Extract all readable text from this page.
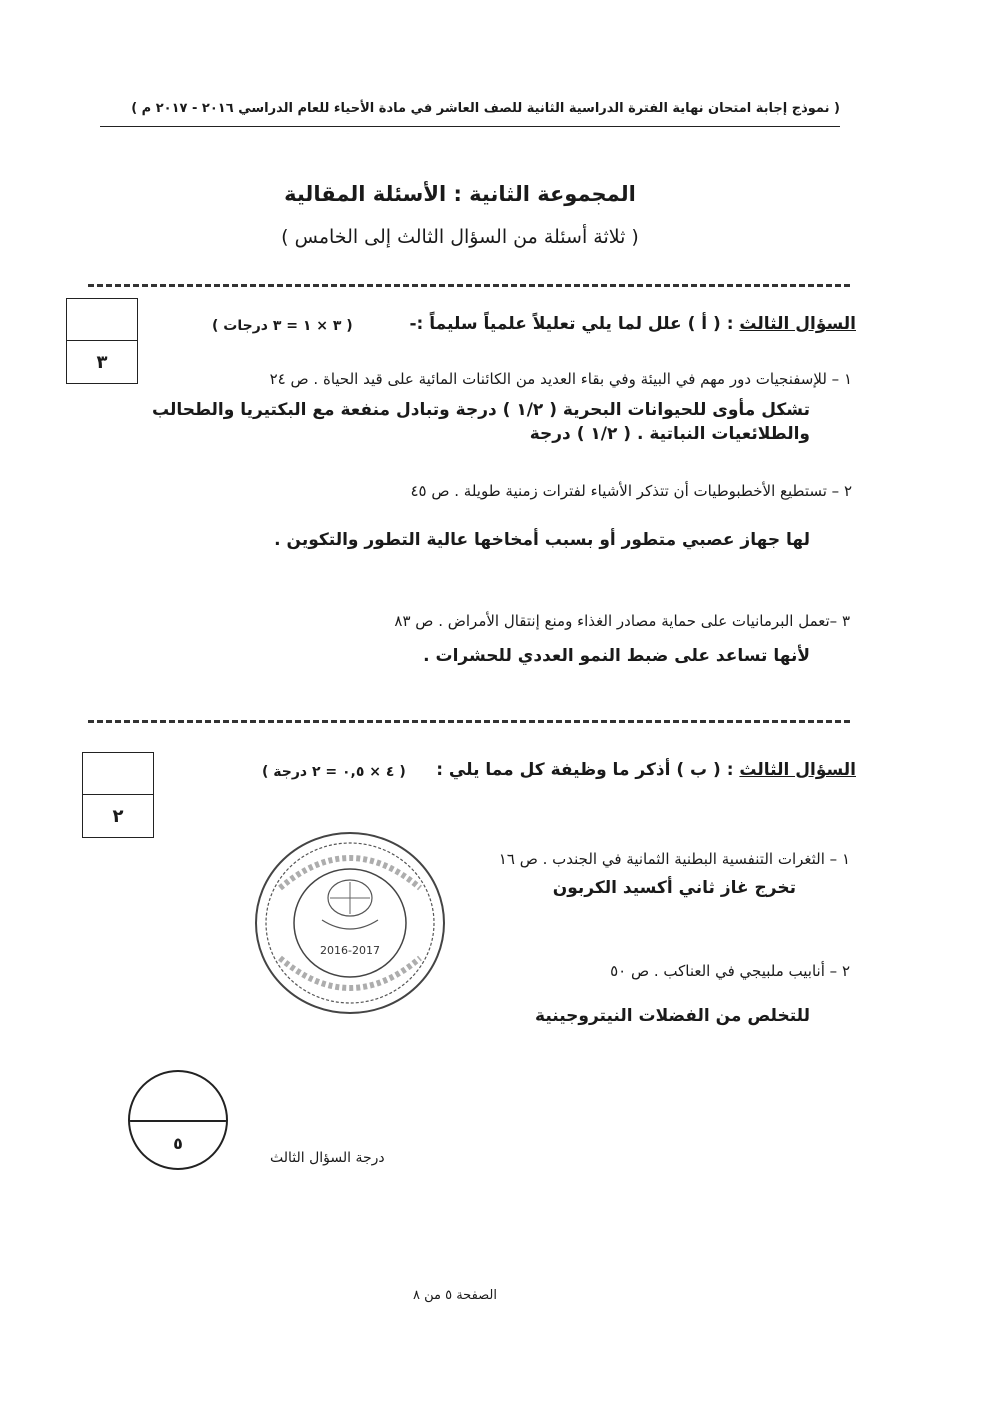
( نموذج إجابة امتحان نهاية الفترة الدراسية الثانية للصف العاشر في مادة الأحياء للعام الدراسي ٢٠١٦ - ٢٠١٧ م )
المجموعة الثانية : الأسئلة المقالية
( ثلاثة أسئلة من السؤال الثالث إلى الخامس )
٣
السؤال الثالث : ( أ ) علل لما يلي تعليلاً علمياً سليماً :-
( ٣ × ١ = ٣ درجات )
١ – للإسفنجيات دور مهم في البيئة وفي بقاء العديد من الكائنات المائية على قيد الحياة . ص ٢٤
تشكل مأوى للحيوانات البحرية ( ١/٢ ) درجة وتبادل منفعة مع البكتيريا والطحالب
والطلائعيات النباتية . ( ١/٢ ) درجة
٢ – تستطيع الأخطبوطيات أن تتذكر الأشياء لفترات زمنية طويلة . ص ٤٥
لها جهاز عصبي متطور أو بسبب أمخاخها عالية التطور والتكوين .
٣ –تعمل البرمانيات على حماية مصادر الغذاء ومنع إنتقال الأمراض . ص ٨٣
لأنها تساعد على ضبط النمو العددي للحشرات .
٢
السؤال الثالث : ( ب ) أذكر ما وظيفة كل مما يلي :
( ٤ × ٠,٥ = ٢ درجة )
١ – الثغرات التنفسية البطنية الثمانية في الجندب . ص ١٦
تخرج غاز ثاني أكسيد الكربون
٢ – أنابيب ملبيجي في العناكب . ص ٥٠
للتخلص من الفضلات النيتروجينية
2016-2017
٥
درجة السؤال الثالث
الصفحة ٥ من ٨
